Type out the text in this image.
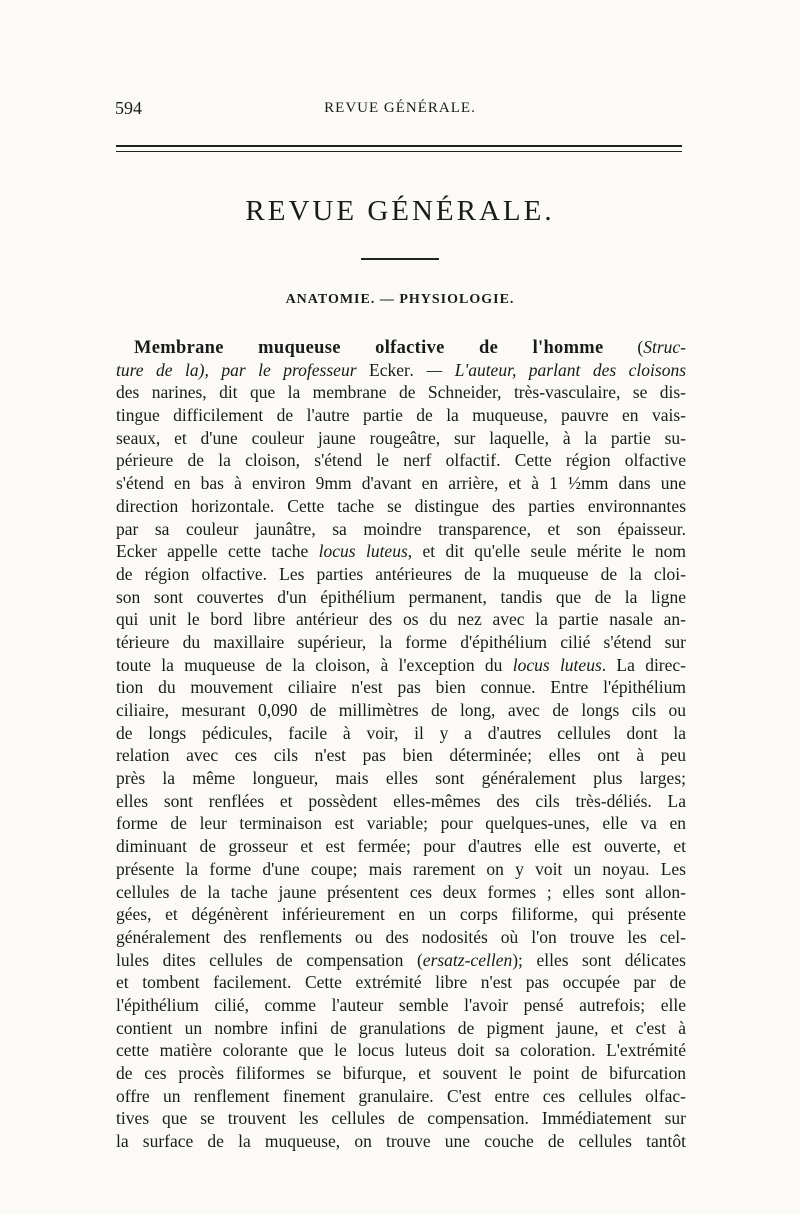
594	REVUE GÉNÉRALE.
REVUE GÉNÉRALE.
ANATOMIE. — PHYSIOLOGIE.
Membrane muqueuse olfactive de l'homme (Struc-
ture de la), par le professeur Ecker. — L'auteur, parlant des cloisons
des narines, dit que la membrane de Schneider, très-vasculaire, se dis-
tingue difficilement de l'autre partie de la muqueuse, pauvre en vais-
seaux, et d'une couleur jaune rougeâtre, sur laquelle, à la partie su-
périeure de la cloison, s'étend le nerf olfactif. Cette région olfactive
s'étend en bas à environ 9mm d'avant en arrière, et à 1 ½mm dans une
direction horizontale. Cette tache se distingue des parties environnantes
par sa couleur jaunâtre, sa moindre transparence, et son épaisseur.
Ecker appelle cette tache locus luteus, et dit qu'elle seule mérite le nom
de région olfactive. Les parties antérieures de la muqueuse de la cloi-
son sont couvertes d'un épithélium permanent, tandis que de la ligne
qui unit le bord libre antérieur des os du nez avec la partie nasale an-
térieure du maxillaire supérieur, la forme d'épithélium cilié s'étend sur
toute la muqueuse de la cloison, à l'exception du locus luteus. La direc-
tion du mouvement ciliaire n'est pas bien connue. Entre l'épithélium
ciliaire, mesurant 0,090 de millimètres de long, avec de longs cils ou
de longs pédicules, facile à voir, il y a d'autres cellules dont la
relation avec ces cils n'est pas bien déterminée; elles ont à peu
près la même longueur, mais elles sont généralement plus larges;
elles sont renflées et possèdent elles-mêmes des cils très-déliés. La
forme de leur terminaison est variable; pour quelques-unes, elle va en
diminuant de grosseur et est fermée; pour d'autres elle est ouverte, et
présente la forme d'une coupe; mais rarement on y voit un noyau. Les
cellules de la tache jaune présentent ces deux formes ; elles sont allon-
gées, et dégénèrent inférieurement en un corps filiforme, qui présente
généralement des renflements ou des nodosités où l'on trouve les cel-
lules dites cellules de compensation (ersatz-cellen); elles sont délicates
et tombent facilement. Cette extrémité libre n'est pas occupée par de
l'épithélium cilié, comme l'auteur semble l'avoir pensé autrefois; elle
contient un nombre infini de granulations de pigment jaune, et c'est à
cette matière colorante que le locus luteus doit sa coloration. L'extrémité
de ces procès filiformes se bifurque, et souvent le point de bifurcation
offre un renflement finement granulaire. C'est entre ces cellules olfac-
tives que se trouvent les cellules de compensation. Immédiatement sur
la surface de la muqueuse, on trouve une couche de cellules tantôt
